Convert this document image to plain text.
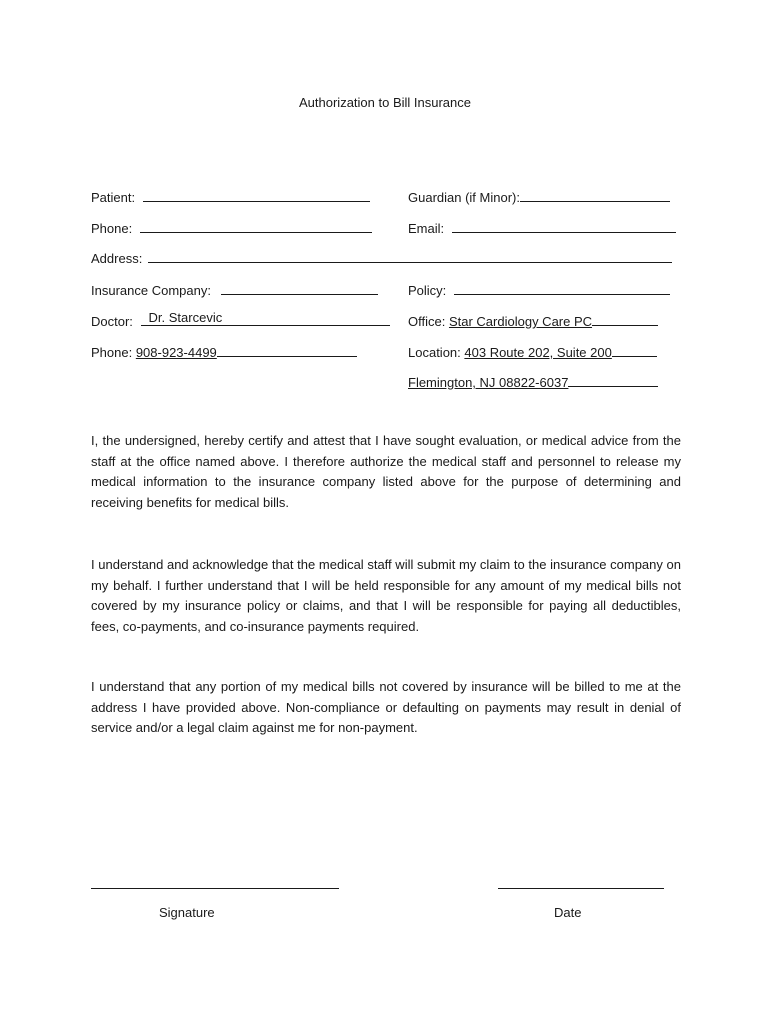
Authorization to Bill Insurance
Patient:	Guardian (if Minor):
Phone:	Email:
Address:
Insurance Company:	Policy:
Doctor: Dr. Starcevic	Office: Star Cardiology Care PC
Phone: 908-923-4499	Location: 403 Route 202, Suite 200
Flemington, NJ 08822-6037
I, the undersigned, hereby certify and attest that I have sought evaluation, or medical advice from the staff at the office named above. I therefore authorize the medical staff and personnel to release my medical information to the insurance company listed above for the purpose of determining and receiving benefits for medical bills.
I understand and acknowledge that the medical staff will submit my claim to the insurance company on my behalf. I further understand that I will be held responsible for any amount of my medical bills not covered by my insurance policy or claims, and that I will be responsible for paying all deductibles, fees, co-payments, and co-insurance payments required.
I understand that any portion of my medical bills not covered by insurance will be billed to me at the address I have provided above. Non-compliance or defaulting on payments may result in denial of service and/or a legal claim against me for non-payment.
Signature	Date
